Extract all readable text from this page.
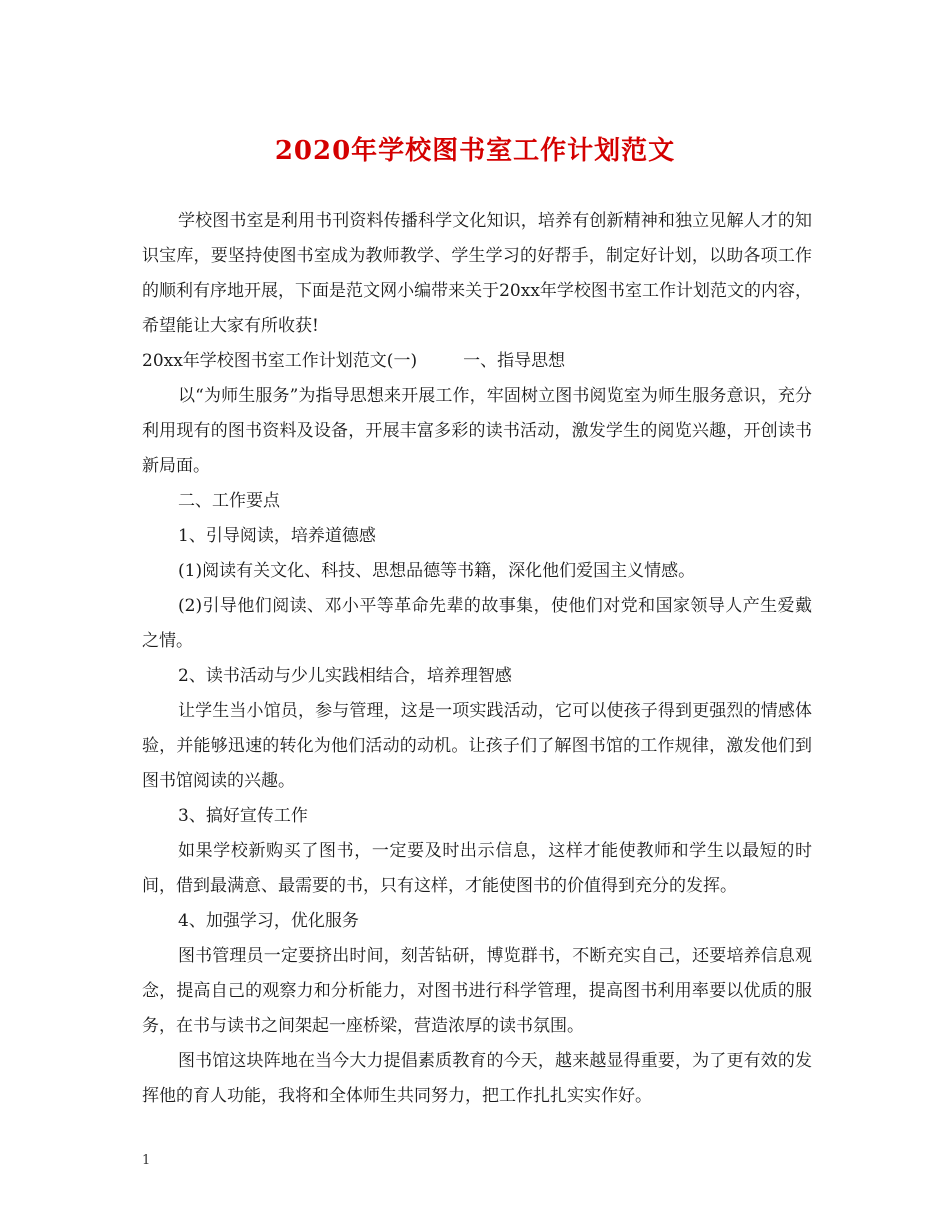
2020年学校图书室工作计划范文

学校图书室是利用书刊资料传播科学文化知识，培养有创新精神和独立见解人才的知识宝库，要坚持使图书室成为教师教学、学生学习的好帮手，制定好计划，以助各项工作的顺利有序地开展，下面是范文网小编带来关于20xx年学校图书室工作计划范文的内容，希望能让大家有所收获!

20xx年学校图书室工作计划范文(一)	一、指导思想

以“为师生服务”为指导思想来开展工作，牢固树立图书阅览室为师生服务意识，充分利用现有的图书资料及设备，开展丰富多彩的读书活动，激发学生的阅览兴趣，开创读书新局面。

二、工作要点

1、引导阅读，培养道德感

(1)阅读有关文化、科技、思想品德等书籍，深化他们爱国主义情感。

(2)引导他们阅读、邓小平等革命先辈的故事集，使他们对党和国家领导人产生爱戴之情。

2、读书活动与少儿实践相结合，培养理智感

让学生当小馆员，参与管理，这是一项实践活动，它可以使孩子得到更强烈的情感体验，并能够迅速的转化为他们活动的动机。让孩子们了解图书馆的工作规律，激发他们到图书馆阅读的兴趣。

3、搞好宣传工作

如果学校新购买了图书，一定要及时出示信息，这样才能使教师和学生以最短的时间，借到最满意、最需要的书，只有这样，才能使图书的价值得到充分的发挥。

4、加强学习，优化服务

图书管理员一定要挤出时间，刻苦钻研，博览群书，不断充实自己，还要培养信息观念，提高自己的观察力和分析能力，对图书进行科学管理，提高图书利用率要以优质的服务，在书与读书之间架起一座桥梁，营造浓厚的读书氛围。

图书馆这块阵地在当今大力提倡素质教育的今天，越来越显得重要，为了更有效的发挥他的育人功能，我将和全体师生共同努力，把工作扎扎实实作好。

1
